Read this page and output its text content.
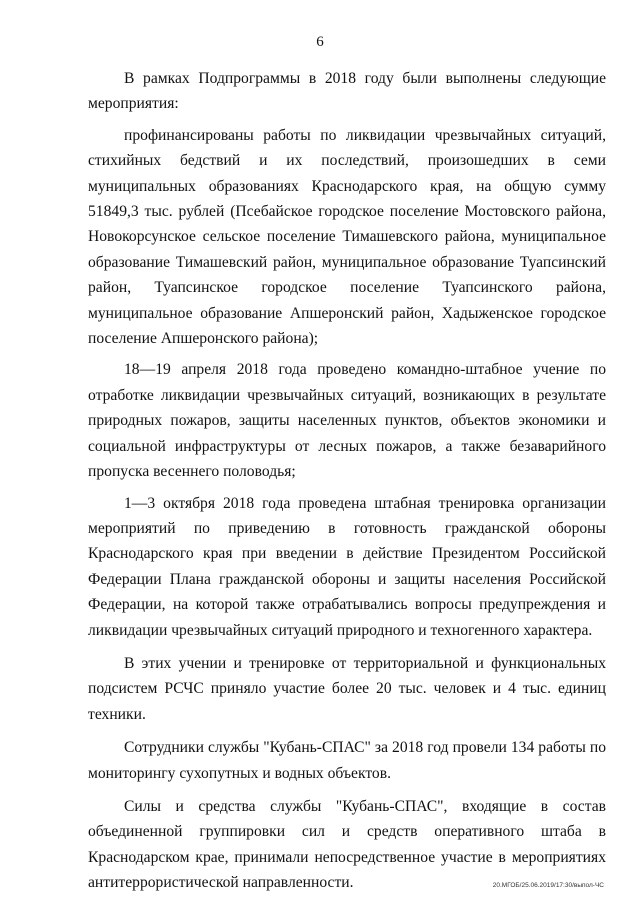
6

В рамках Подпрограммы в 2018 году были выполнены следующие мероприятия:

профинансированы работы по ликвидации чрезвычайных ситуаций, стихийных бедствий и их последствий, произошедших в семи муниципальных образованиях Краснодарского края, на общую сумму 51849,3 тыс. рублей (Псебайское городское поселение Мостовского района, Новокорсунское сельское поселение Тимашевского района, муниципальное образование Тимашевский район, муниципальное образование Туапсинский район, Туапсинское городское поселение Туапсинского района, муниципальное образование Апшеронский район, Хадыженское городское поселение Апшеронского района);

18—19 апреля 2018 года проведено командно-штабное учение по отработке ликвидации чрезвычайных ситуаций, возникающих в результате природных пожаров, защиты населенных пунктов, объектов экономики и социальной инфраструктуры от лесных пожаров, а также безаварийного пропуска весеннего половодья;

1—3 октября 2018 года проведена штабная тренировка организации мероприятий по приведению в готовность гражданской обороны Краснодарского края при введении в действие Президентом Российской Федерации Плана гражданской обороны и защиты населения Российской Федерации, на которой также отрабатывались вопросы предупреждения и ликвидации чрезвычайных ситуаций природного и техногенного характера.

В этих учении и тренировке от территориальной и функциональных подсистем РСЧС приняло участие более 20 тыс. человек и 4 тыс. единиц техники.

Сотрудники службы "Кубань-СПАС" за 2018 год провели 134 работы по мониторингу сухопутных и водных объектов.

Силы и средства службы "Кубань-СПАС", входящие в состав объединенной группировки сил и средств оперативного штаба в Краснодарском крае, принимали непосредственное участие в мероприятиях антитеррористической направленности.	20.МГОБ/25.06.2019/17:30/выпол-ЧС
